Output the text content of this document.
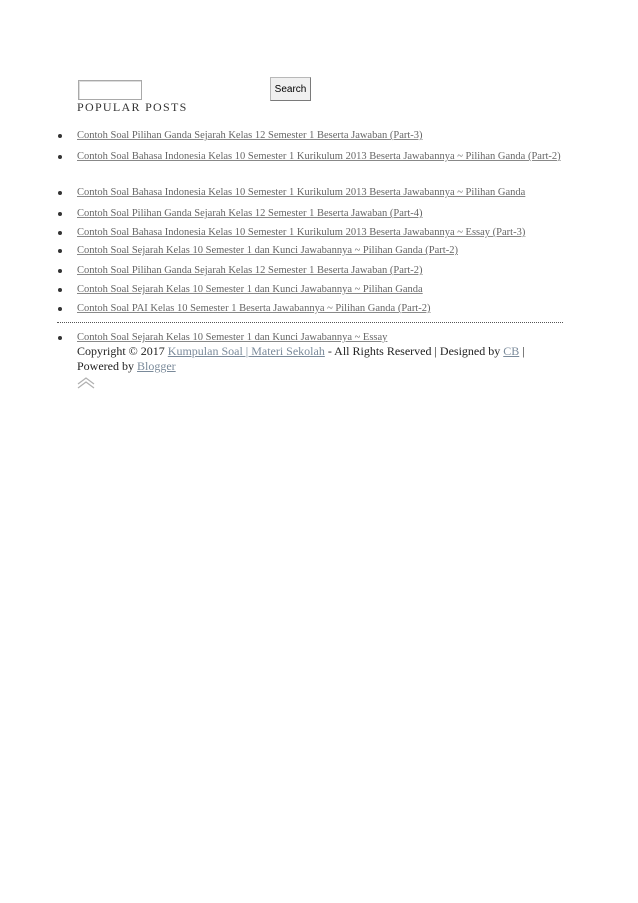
Search
POPULAR POSTS
Contoh Soal Pilihan Ganda Sejarah Kelas 12 Semester 1 Beserta Jawaban (Part-3)
Contoh Soal Bahasa Indonesia Kelas 10 Semester 1 Kurikulum 2013 Beserta Jawabannya ~ Pilihan Ganda (Part-2)
Contoh Soal Bahasa Indonesia Kelas 10 Semester 1 Kurikulum 2013 Beserta Jawabannya ~ Pilihan Ganda
Contoh Soal Pilihan Ganda Sejarah Kelas 12 Semester 1 Beserta Jawaban (Part-4)
Contoh Soal Bahasa Indonesia Kelas 10 Semester 1 Kurikulum 2013 Beserta Jawabannya ~ Essay (Part-3)
Contoh Soal Sejarah Kelas 10 Semester 1 dan Kunci Jawabannya ~ Pilihan Ganda (Part-2)
Contoh Soal Pilihan Ganda Sejarah Kelas 12 Semester 1 Beserta Jawaban (Part-2)
Contoh Soal Sejarah Kelas 10 Semester 1 dan Kunci Jawabannya ~ Pilihan Ganda
Contoh Soal PAI Kelas 10 Semester 1 Beserta Jawabannya ~ Pilihan Ganda (Part-2)
Contoh Soal Sejarah Kelas 10 Semester 1 dan Kunci Jawabannya ~ Essay
Copyright © 2017 Kumpulan Soal | Materi Sekolah - All Rights Reserved | Designed by CB |
Powered by Blogger
